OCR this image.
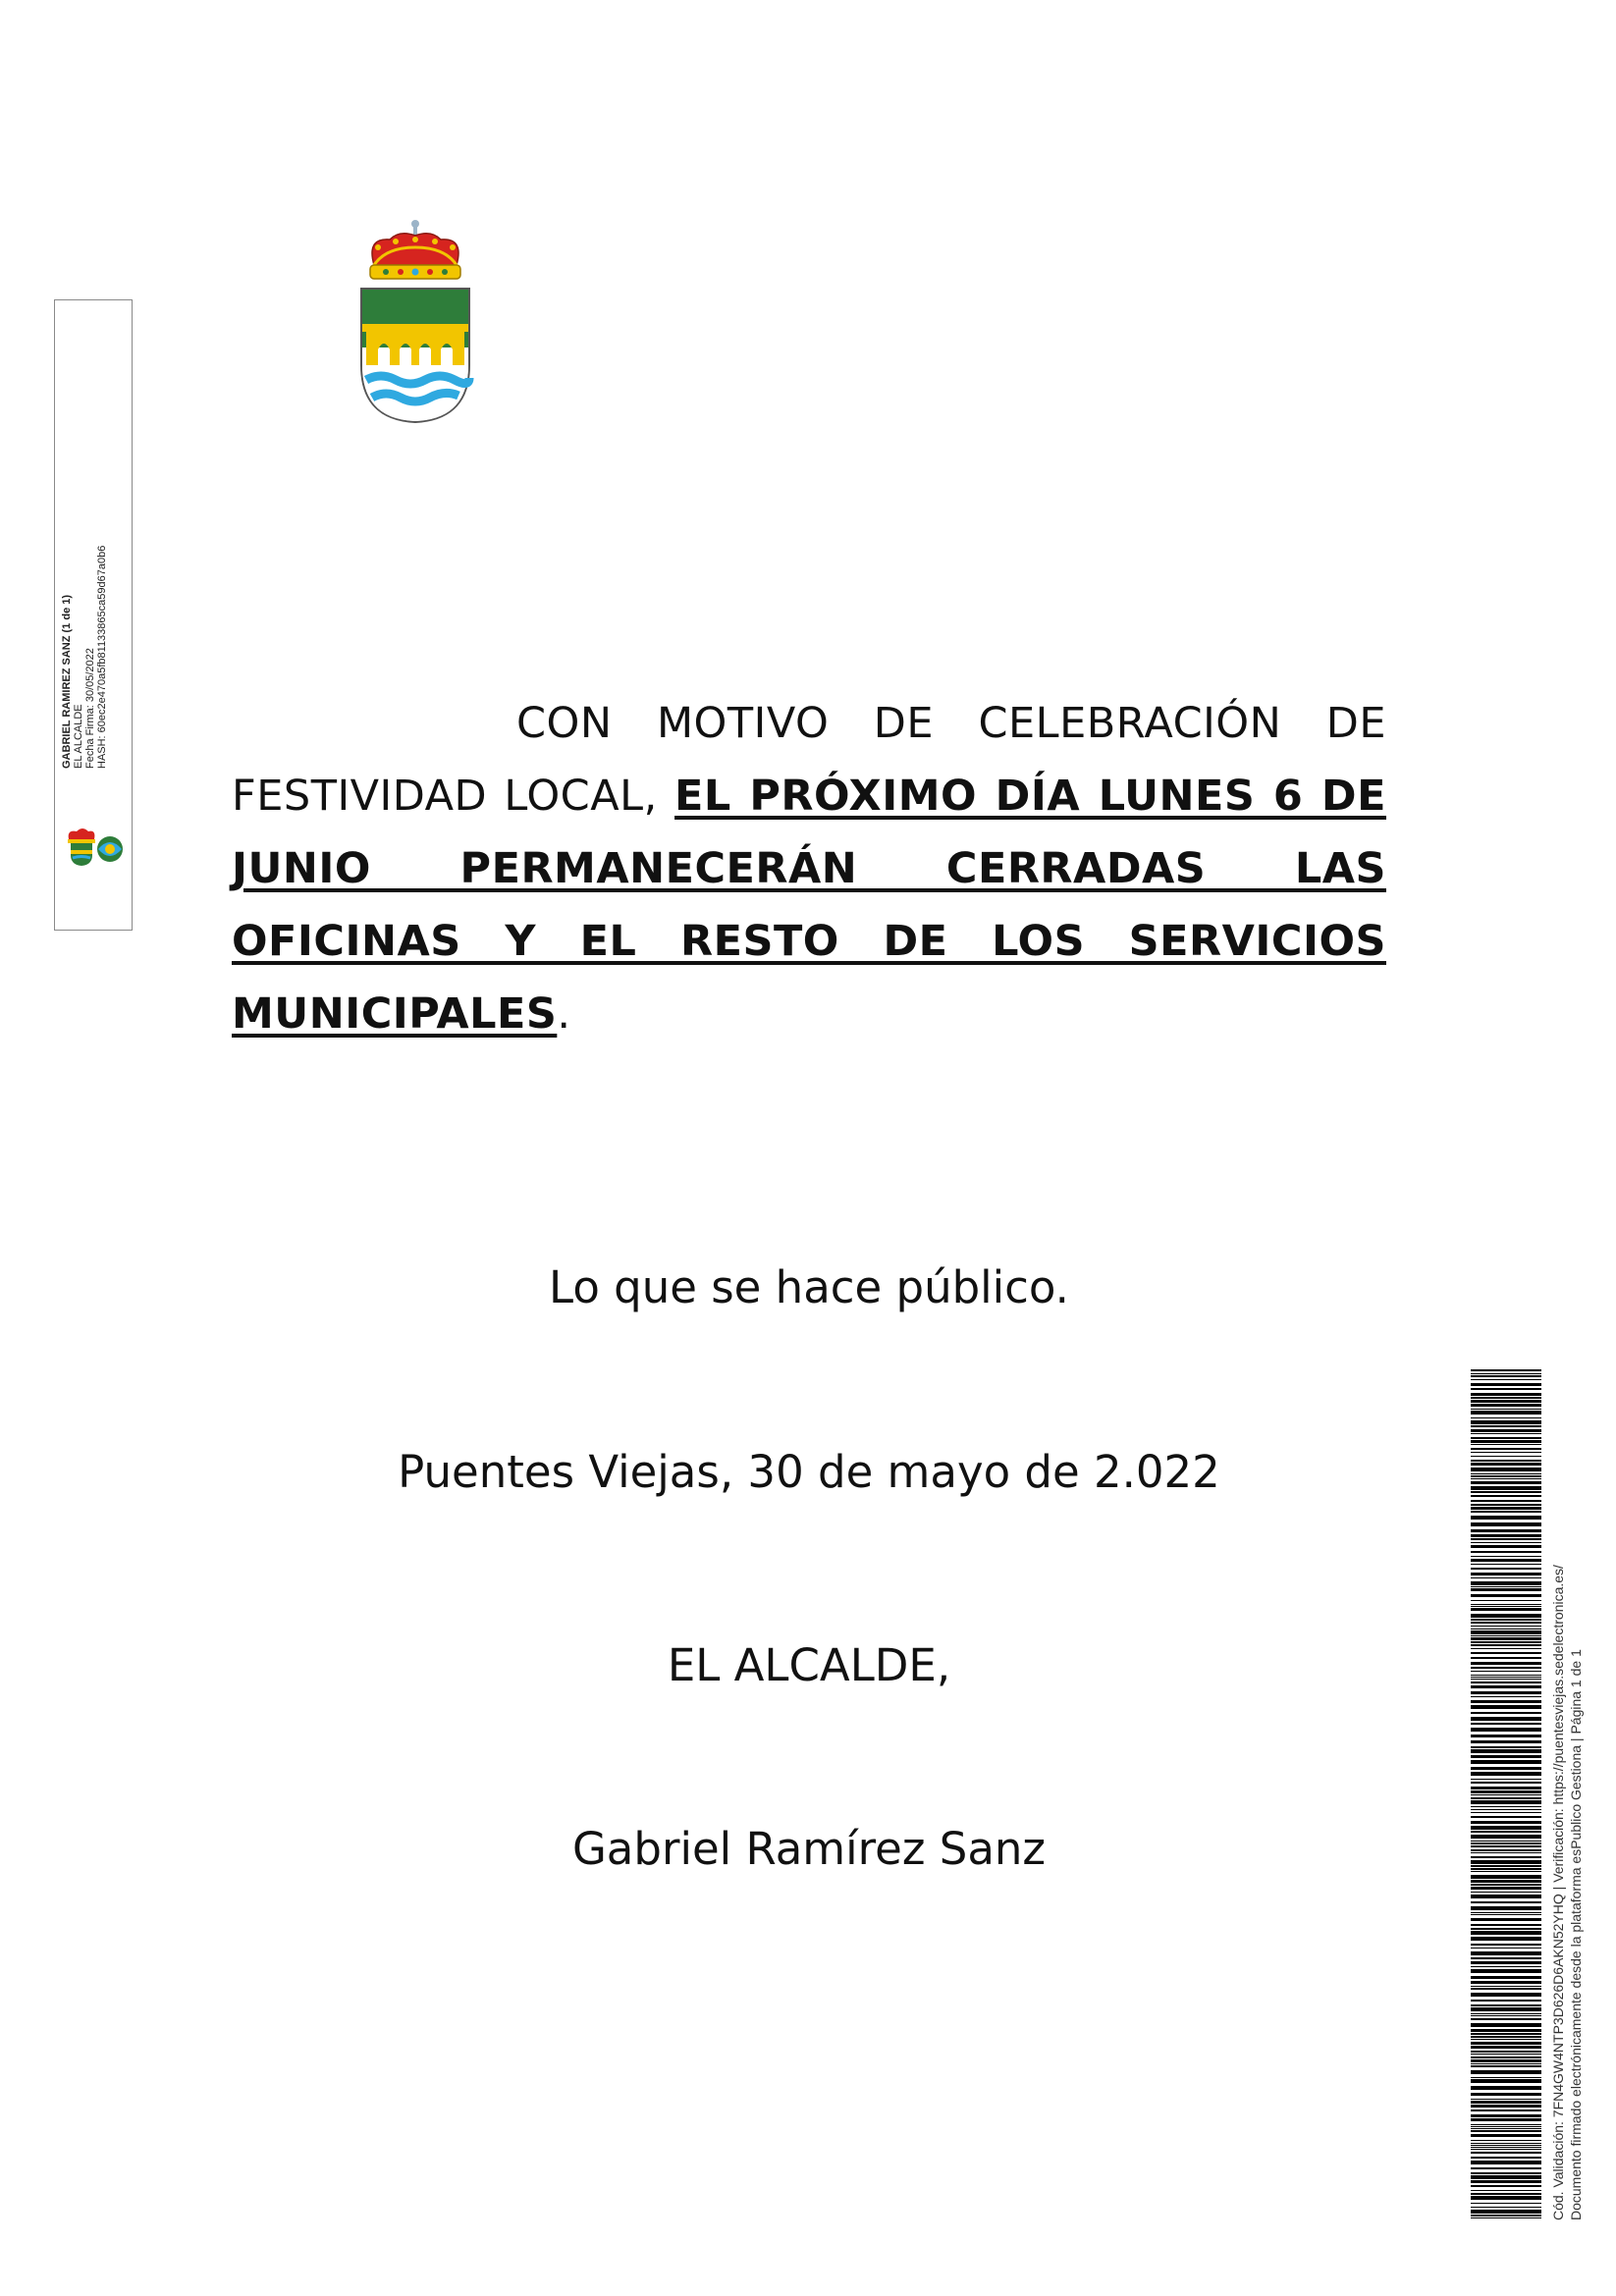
GABRIEL RAMIREZ SANZ (1 de 1) EL ALCALDE Fecha Firma: 30/05/2022 HASH: 60ec2e470a5fb81133865ca59d67a0b6	CON MOTIVO DE CELEBRACIÓN DE FESTIVIDAD LOCAL, EL PRÓXIMO DÍA LUNES 6 DE JUNIO PERMANECERÁN CERRADAS LAS OFICINAS Y EL RESTO DE LOS SERVICIOS MUNICIPALES.
Lo que se hace público.
Puentes Viejas, 30 de mayo de 2.022
EL ALCALDE,
Gabriel Ramírez Sanz	Cód. Validación: 7FN4GW4NTP3D626D6AKN52YHQ | Verificación: https://puentesviejas.sedelectronica.es/ Documento firmado electrónicamente desde la plataforma esPublico Gestiona | Página 1 de 1
